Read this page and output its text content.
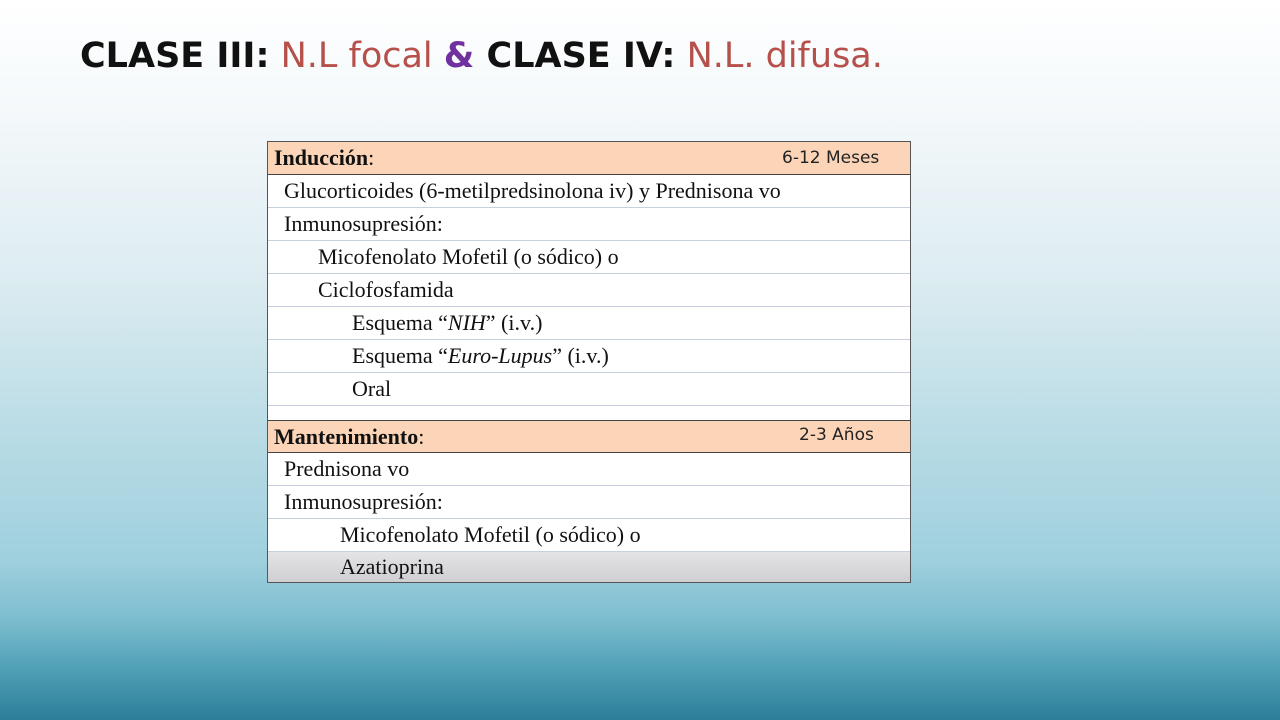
CLASE III: N.L focal & CLASE IV: N.L. difusa.
Inducción:	6-12 Meses
Glucorticoides (6-metilpredsinolona iv) y Prednisona vo
Inmunosupresión:
Micofenolato Mofetil (o sódico) o
Ciclofosfamida
Esquema “ NIH ” (i.v.)
Esquema “ Euro-Lupus ” (i.v.)
Oral
Mantenimiento:	2-3 Años
Prednisona vo
Inmunosupresión:
Micofenolato Mofetil (o sódico) o
Azatioprina
